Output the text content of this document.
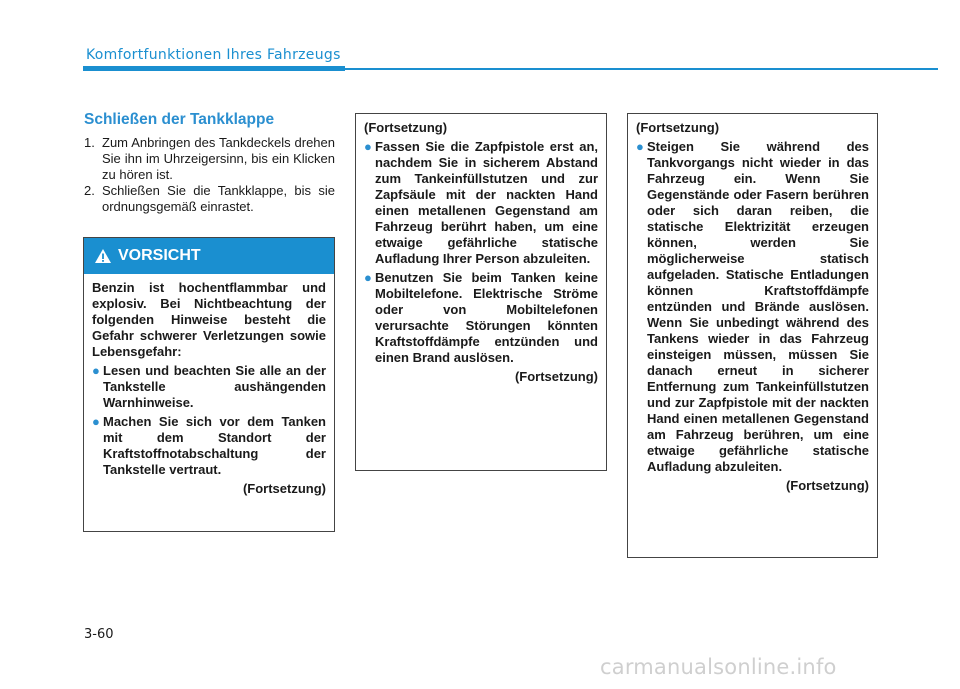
Komfortfunktionen Ihres Fahrzeugs
Schließen der Tankklappe
1. Zum Anbringen des Tankdeckels drehen Sie ihn im Uhrzeigersinn, bis ein Klicken zu hören ist.
2. Schließen Sie die Tankklappe, bis sie ordnungsgemäß einrastet.
VORSICHT
Benzin ist hochentflammbar und explosiv. Bei Nichtbeachtung der folgenden Hinweise besteht die Gefahr schwerer Verletzungen sowie Lebensgefahr:
● Lesen und beachten Sie alle an der Tankstelle aushängenden Warnhinweise.
● Machen Sie sich vor dem Tanken mit dem Standort der Kraftstoffnotabschaltung der Tankstelle vertraut.
(Fortsetzung)
(Fortsetzung)
● Fassen Sie die Zapfpistole erst an, nachdem Sie in sicherem Abstand zum Tankeinfüllstutzen und zur Zapfsäule mit der nackten Hand einen metallenen Gegenstand am Fahrzeug berührt haben, um eine etwaige gefährliche statische Aufladung Ihrer Person abzuleiten.
● Benutzen Sie beim Tanken keine Mobiltelefone. Elektrische Ströme oder von Mobiltelefonen verursachte Störungen könnten Kraftstoffdämpfe entzünden und einen Brand auslösen.
(Fortsetzung)
(Fortsetzung)
● Steigen Sie während des Tankvorgangs nicht wieder in das Fahrzeug ein. Wenn Sie Gegenstände oder Fasern berühren oder sich daran reiben, die statische Elektrizität erzeugen können, werden Sie möglicherweise statisch aufgeladen. Statische Entladungen können Kraftstoffdämpfe entzünden und Brände auslösen. Wenn Sie unbedingt während des Tankens wieder in das Fahrzeug einsteigen müssen, müssen Sie danach erneut in sicherer Entfernung zum Tankeinfüllstutzen und zur Zapfpistole mit der nackten Hand einen metallenen Gegenstand am Fahrzeug berühren, um eine etwaige gefährliche statische Aufladung abzuleiten.
(Fortsetzung)
3-60
carmanualsonline.info
